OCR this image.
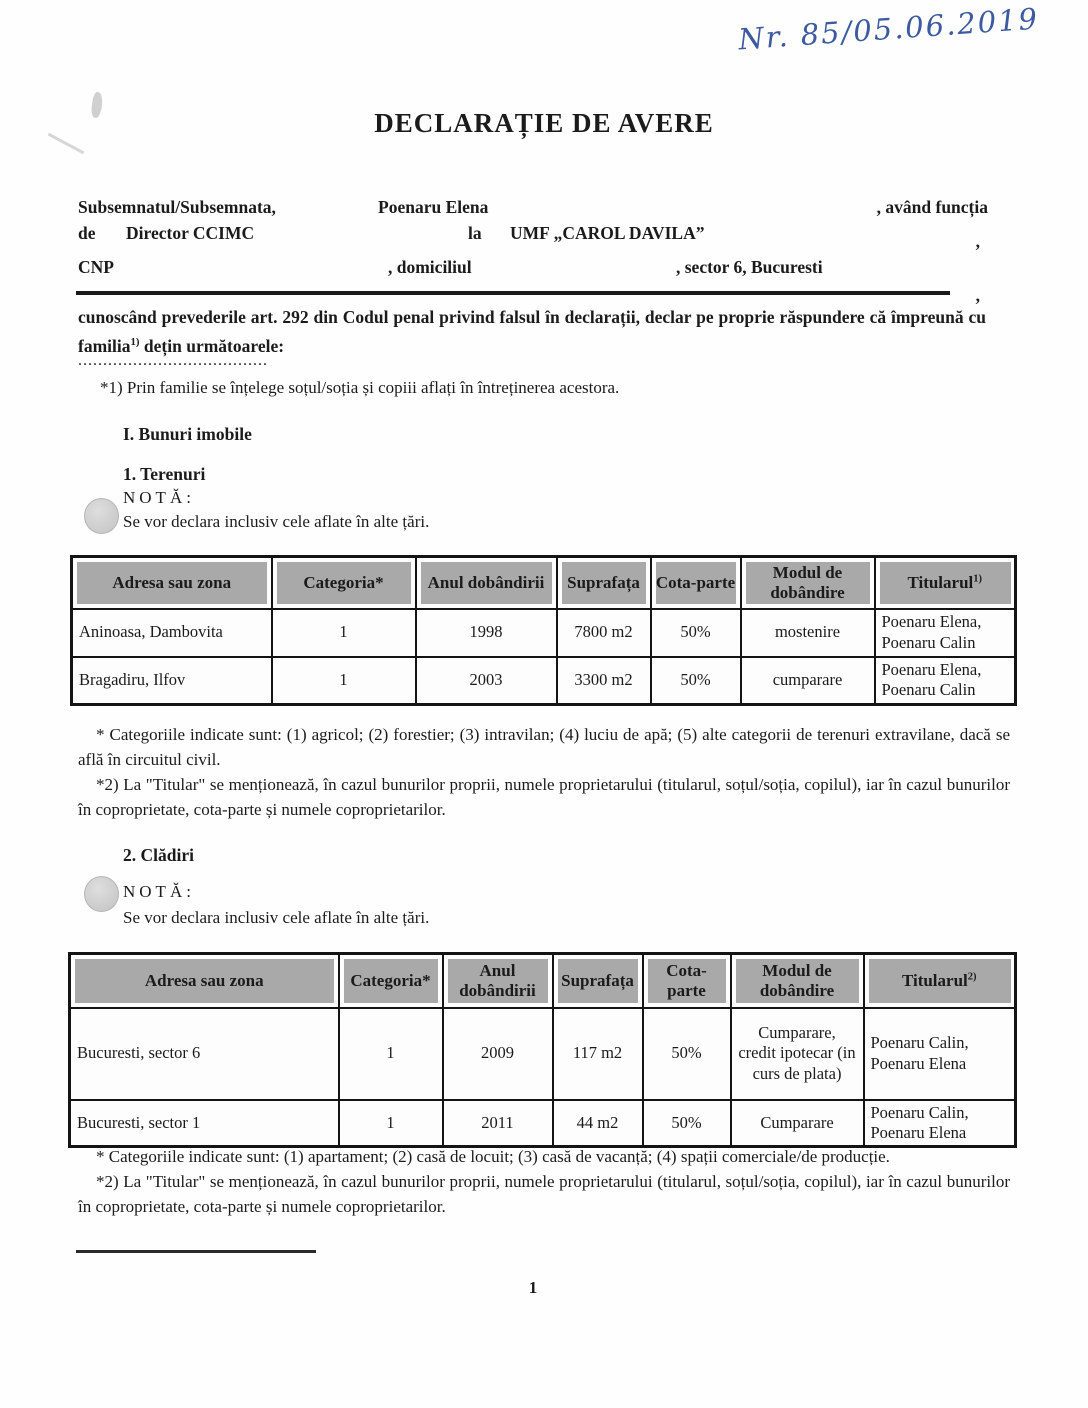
Nr. 85/05.06.2019
DECLARAȚIE DE AVERE
Subsemnatul/Subsemnata,	Poenaru Elena	, având funcția
de Director CCIMC	la UMF „CAROL DAVILA”	,
CNP	, domiciliul	, sector 6, Bucuresti
,
cunoscând prevederile art. 292 din Codul penal privind falsul în declarații, declar pe proprie răspundere că împreună cu familia$^{1)}$ dețin următoarele:
......................................
*1) Prin familie se înțelege soțul/soția și copiii aflați în întreținerea acestora.
I. Bunuri imobile
1. Terenuri
NOTĂ:
Se vor declara inclusiv cele aflate în alte țări.
Adresa sau zona	Categoria*	Anul dobândirii	Suprafața	Cota-parte	Modul de dobândire	Titularul$^{1)}$
Aninoasa, Dambovita	1	1998	7800 m2	50%	mostenire	Poenaru Elena, Poenaru Calin
Bragadiru, Ilfov	1	2003	3300 m2	50%	cumparare	Poenaru Elena, Poenaru Calin

* Categoriile indicate sunt: (1) agricol; (2) forestier; (3) intravilan; (4) luciu de apă; (5) alte categorii de terenuri extravilane, dacă se află în circuitul civil.

*2) La "Titular" se menționează, în cazul bunurilor proprii, numele proprietarului (titularul, soțul/soția, copilul), iar în cazul bunurilor în coproprietate, cota-parte și numele coproprietarilor.

2. Clădiri
NOTĂ:
Se vor declara inclusiv cele aflate în alte țări.
Adresa sau zona	Categoria*	Anul dobândirii	Suprafața	Cota-parte	Modul de dobândire	Titularul$^{2)}$
Bucuresti, sector 6	1	2009	117 m2	50%	Cumparare, credit ipotecar (in curs de plata)	Poenaru Calin, Poenaru Elena
Bucuresti, sector 1	1	2011	44 m2	50%	Cumparare	Poenaru Calin, Poenaru Elena

* Categoriile indicate sunt: (1) apartament; (2) casă de locuit; (3) casă de vacanță; (4) spații comerciale/de producție.

*2) La "Titular" se menționează, în cazul bunurilor proprii, numele proprietarului (titularul, soțul/soția, copilul), iar în cazul bunurilor în coproprietate, cota-parte și numele coproprietarilor.

1
